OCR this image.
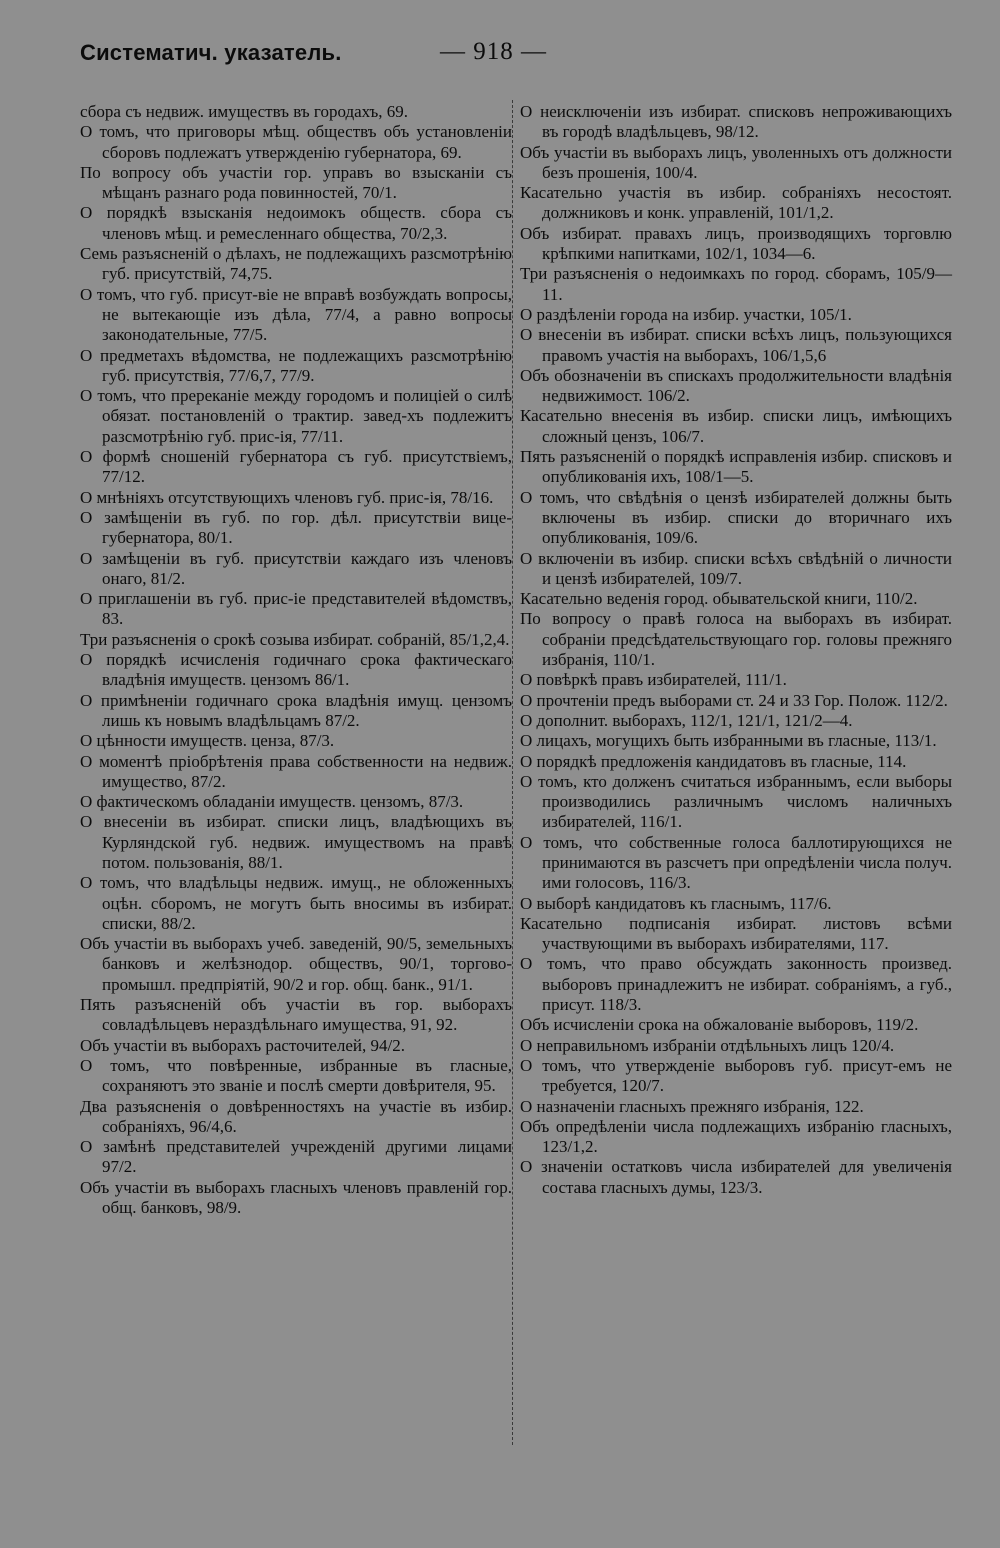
Систематич. указатель.	— 918 —

сбора съ недвиж. имуществъ въ городахъ, 69.

О томъ, что приговоры мѣщ. обществъ объ установленіи сборовъ подлежатъ утвержденію губернатора, 69.

По вопросу объ участіи гор. управъ во взысканіи съ мѣщанъ разнаго рода повинностей, 70/1.

О порядкѣ взысканія недоимокъ обществ. сбора съ членовъ мѣщ. и ремесленнаго общества, 70/2,3.

Семь разъясненій о дѣлахъ, не подлежащихъ разсмотрѣнію губ. присутствій, 74,75.

О томъ, что губ. присут-віе не вправѣ возбуждать вопросы, не вытекающіе изъ дѣла, 77/4, а равно вопросы законодательные, 77/5.

О предметахъ вѣдомства, не подлежащихъ разсмотрѣнію губ. присутствія, 77/6,7, 77/9.

О томъ, что пререканіе между городомъ и полиціей о силѣ обязат. постановленій о трактир. завед-хъ подлежитъ разсмотрѣнію губ. прис-ія, 77/11.

О формѣ сношеній губернатора съ губ. присутствіемъ, 77/12.

О мнѣніяхъ отсутствующихъ членовъ губ. прис-ія, 78/16.

О замѣщеніи въ губ. по гор. дѣл. присутствіи вице-губернатора, 80/1.

О замѣщеніи въ губ. присутствіи каждаго изъ членовъ онаго, 81/2.

О приглашеніи въ губ. прис-іе представителей вѣдомствъ, 83.

Три разъясненія о срокѣ созыва избират. собраній, 85/1,2,4.

О порядкѣ исчисленія годичнаго срока фактическаго владѣнія имуществ. цензомъ 86/1.

О примѣненіи годичнаго срока владѣнія имущ. цензомъ лишь къ новымъ владѣльцамъ 87/2.

О цѣнности имуществ. ценза, 87/3.

О моментѣ пріобрѣтенія права собственности на недвиж. имущество, 87/2.

О фактическомъ обладаніи имуществ. цензомъ, 87/3.

О внесеніи въ избират. списки лицъ, владѣющихъ въ Курляндской губ. недвиж. имуществомъ на правѣ потом. пользованія, 88/1.

О томъ, что владѣльцы недвиж. имущ., не обложенныхъ оцѣн. сборомъ, не могутъ быть вносимы въ избират. списки, 88/2.

Объ участіи въ выборахъ учеб. заведеній, 90/5, земельныхъ банковъ и желѣзнодор. обществъ, 90/1, торгово-промышл. предпріятій, 90/2 и гор. общ. банк., 91/1.

Пять разъясненій объ участіи въ гор. выборахъ совладѣльцевъ нераздѣльнаго имущества, 91, 92.

Объ участіи въ выборахъ расточителей, 94/2.

О томъ, что повѣренные, избранные въ гласные, сохраняютъ это званіе и послѣ смерти довѣрителя, 95.

Два разъясненія о довѣренностяхъ на участіе въ избир. собраніяхъ, 96/4,6.

О замѣнѣ представителей учрежденій другими лицами 97/2.

Объ участіи въ выборахъ гласныхъ членовъ правленій гор. общ. банковъ, 98/9.

О неисключеніи изъ избират. списковъ непроживающихъ въ городѣ владѣльцевъ, 98/12.

Объ участіи въ выборахъ лицъ, уволенныхъ отъ должности безъ прошенія, 100/4.

Касательно участія въ избир. собраніяхъ несостоят. должниковъ и конк. управленій, 101/1,2.

Объ избират. правахъ лицъ, производящихъ торговлю крѣпкими напитками, 102/1, 1034—6.

Три разъясненія о недоимкахъ по город. сборамъ, 105/9—11.

О раздѣленіи города на избир. участки, 105/1.

О внесеніи въ избират. списки всѣхъ лицъ, пользующихся правомъ участія на выборахъ, 106/1,5,6

Объ обозначеніи въ спискахъ продолжительности владѣнія недвижимост. 106/2.

Касательно внесенія въ избир. списки лицъ, имѣющихъ сложный цензъ, 106/7.

Пять разъясненій о порядкѣ исправленія избир. списковъ и опубликованія ихъ, 108/1—5.

О томъ, что свѣдѣнія о цензѣ избирателей должны быть включены въ избир. списки до вторичнаго ихъ опубликованія, 109/6.

О включеніи въ избир. списки всѣхъ свѣдѣній о личности и цензѣ избирателей, 109/7.

Касательно веденія город. обывательской книги, 110/2.

По вопросу о правѣ голоса на выборахъ въ избират. собраніи предсѣдательствующаго гор. головы прежняго избранія, 110/1.

О повѣркѣ правъ избирателей, 111/1.

О прочтеніи предъ выборами ст. 24 и 33 Гор. Полож. 112/2.

О дополнит. выборахъ, 112/1, 121/1, 121/2—4.

О лицахъ, могущихъ быть избранными въ гласные, 113/1.

О порядкѣ предложенія кандидатовъ въ гласные, 114.

О томъ, кто долженъ считаться избраннымъ, если выборы производились различнымъ числомъ наличныхъ избирателей, 116/1.

О томъ, что собственные голоса баллотирующихся не принимаются въ разсчетъ при опредѣленіи числа получ. ими голосовъ, 116/3.

О выборѣ кандидатовъ къ гласнымъ, 117/6.

Касательно подписанія избират. листовъ всѣми участвующими въ выборахъ избирателями, 117.

О томъ, что право обсуждать законность произвед. выборовъ принадлежитъ не избират. собраніямъ, а губ., присут. 118/3.

Объ исчисленіи срока на обжалованіе выборовъ, 119/2.

О неправильномъ избраніи отдѣльныхъ лицъ 120/4.

О томъ, что утвержденіе выборовъ губ. присут-емъ не требуется, 120/7.

О назначеніи гласныхъ прежняго избранія, 122.

Объ опредѣленіи числа подлежащихъ избранію гласныхъ, 123/1,2.

О значеніи остатковъ числа избирателей для увеличенія состава гласныхъ думы, 123/3.
